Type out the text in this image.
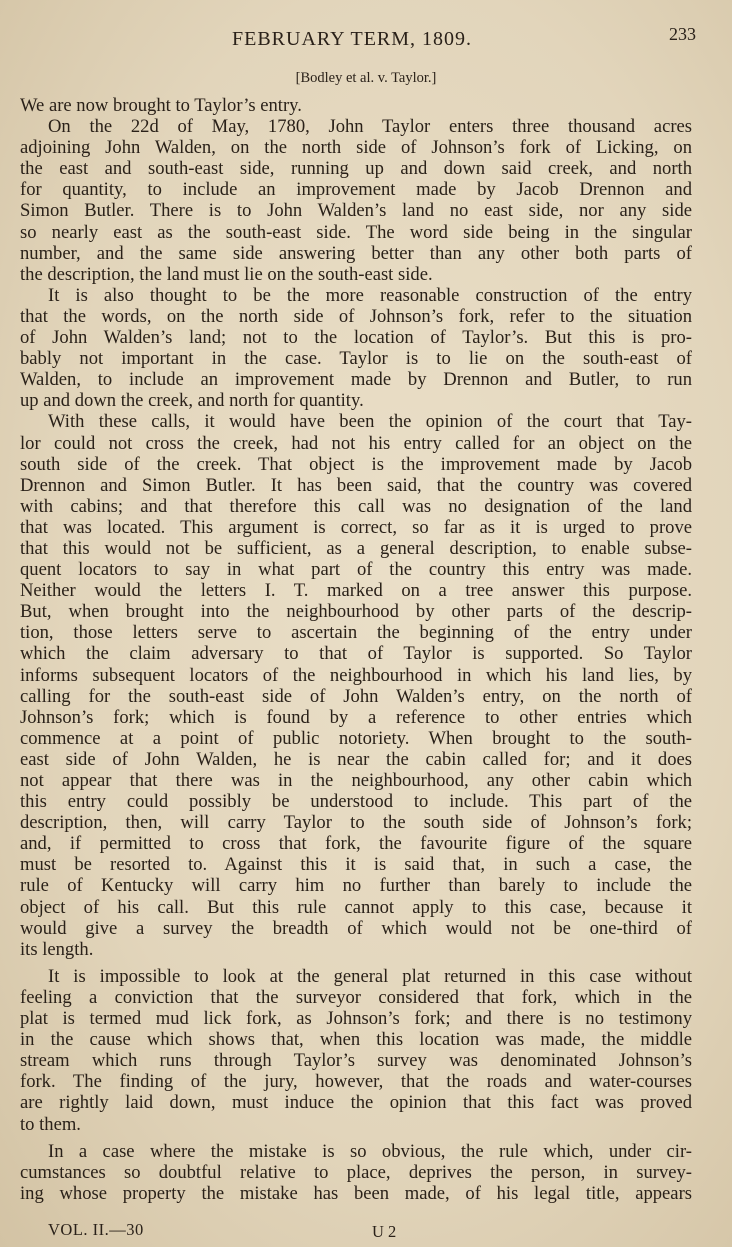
FEBRUARY TERM, 1809.	233
[Bodley et al. v. Taylor.]
We are now brought to Taylor’s entry.
On the 22d of May, 1780, John Taylor enters three thousand acres
adjoining John Walden, on the north side of Johnson’s fork of Licking, on
the east and south-east side, running up and down said creek, and north
for quantity, to include an improvement made by Jacob Drennon and
Simon Butler. There is to John Walden’s land no east side, nor any side
so nearly east as the south-east side. The word side being in the singular
number, and the same side answering better than any other both parts of
the description, the land must lie on the south-east side.
It is also thought to be the more reasonable construction of the entry
that the words, on the north side of Johnson’s fork, refer to the situation
of John Walden’s land; not to the location of Taylor’s. But this is pro-
bably not important in the case. Taylor is to lie on the south-east of
Walden, to include an improvement made by Drennon and Butler, to run
up and down the creek, and north for quantity.
With these calls, it would have been the opinion of the court that Tay-
lor could not cross the creek, had not his entry called for an object on the
south side of the creek. That object is the improvement made by Jacob
Drennon and Simon Butler. It has been said, that the country was covered
with cabins; and that therefore this call was no designation of the land
that was located. This argument is correct, so far as it is urged to prove
that this would not be sufficient, as a general description, to enable subse-
quent locators to say in what part of the country this entry was made.
Neither would the letters I. T. marked on a tree answer this purpose.
But, when brought into the neighbourhood by other parts of the descrip-
tion, those letters serve to ascertain the beginning of the entry under
which the claim adversary to that of Taylor is supported. So Taylor
informs subsequent locators of the neighbourhood in which his land lies, by
calling for the south-east side of John Walden’s entry, on the north of
Johnson’s fork; which is found by a reference to other entries which
commence at a point of public notoriety. When brought to the south-
east side of John Walden, he is near the cabin called for; and it does
not appear that there was in the neighbourhood, any other cabin which
this entry could possibly be understood to include. This part of the
description, then, will carry Taylor to the south side of Johnson’s fork;
and, if permitted to cross that fork, the favourite figure of the square
must be resorted to. Against this it is said that, in such a case, the
rule of Kentucky will carry him no further than barely to include the
object of his call. But this rule cannot apply to this case, because it
would give a survey the breadth of which would not be one-third of
its length.
It is impossible to look at the general plat returned in this case without
feeling a conviction that the surveyor considered that fork, which in the
plat is termed mud lick fork, as Johnson’s fork; and there is no testimony
in the cause which shows that, when this location was made, the middle
stream which runs through Taylor’s survey was denominated Johnson’s
fork. The finding of the jury, however, that the roads and water-courses
are rightly laid down, must induce the opinion that this fact was proved
to them.
In a case where the mistake is so obvious, the rule which, under cir-
cumstances so doubtful relative to place, deprives the person, in survey-
ing whose property the mistake has been made, of his legal title, appears
VOL. II.—30	U 2
